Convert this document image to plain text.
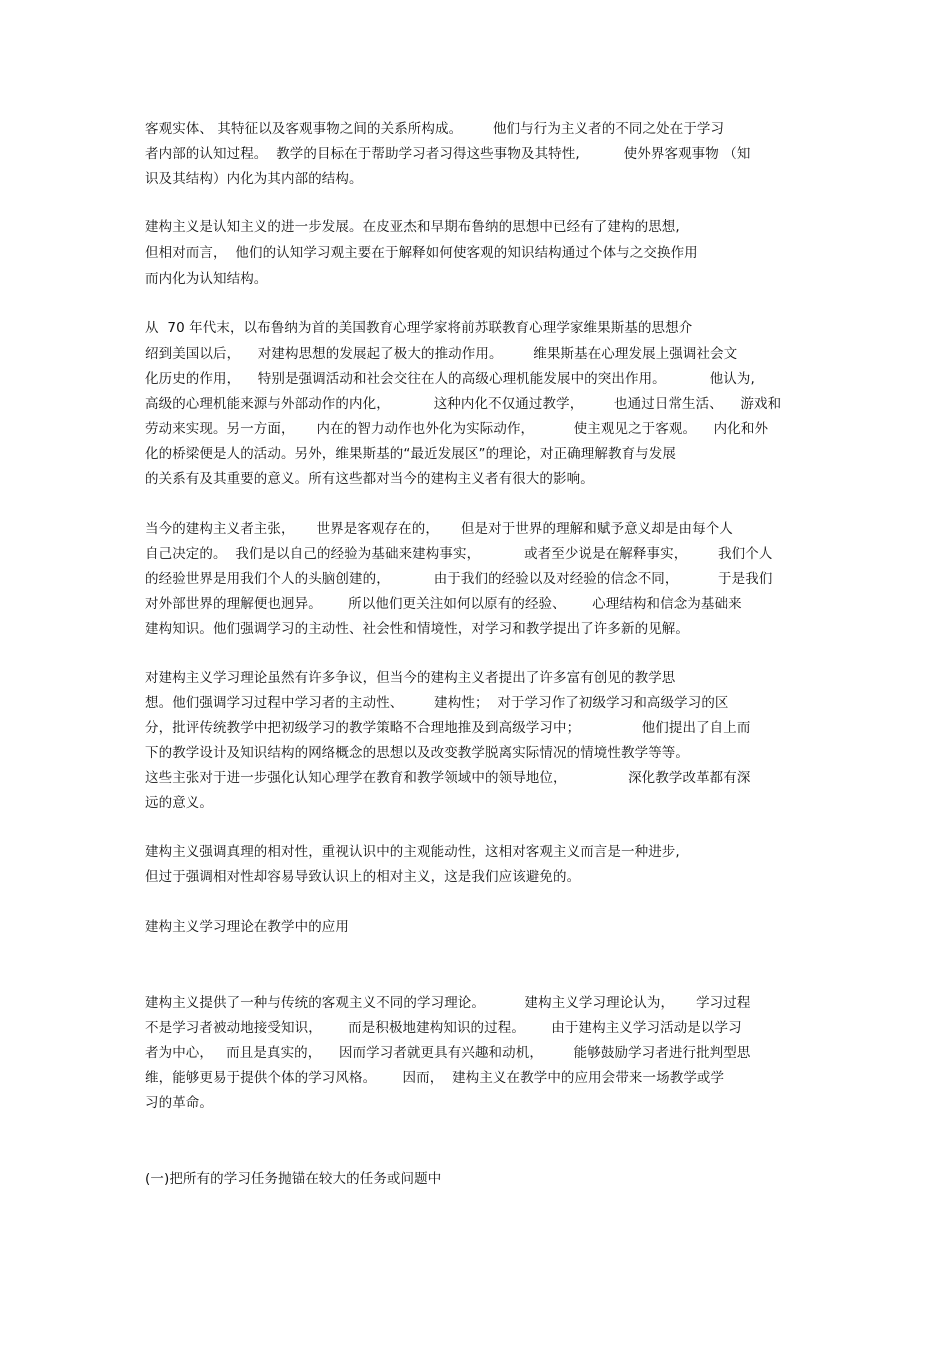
客观实体、 其特征以及客观事物之间的关系所构成。       他们与行为主义者的不同之处在于学习
者内部的认知过程。  教学的目标在于帮助学习者习得这些事物及其特性,          使外界客观事物 （知
识及其结构）内化为其内部的结构。
建构主义是认知主义的进一步发展。在皮亚杰和早期布鲁纳的思想中已经有了建构的思想,
但相对而言，  他们的认知学习观主要在于解释如何使客观的知识结构通过个体与之交换作用
而内化为认知结构。
从  70 年代末，以布鲁纳为首的美国教育心理学家将前苏联教育心理学家维果斯基的思想介
绍到美国以后，    对建构思想的发展起了极大的推动作用。       维果斯基在心理发展上强调社会文
化历史的作用，    特别是强调活动和社会交往在人的高级心理机能发展中的突出作用。          他认为,
高级的心理机能来源与外部动作的内化，          这种内化不仅通过教学，       也通过日常生活、    游戏和
劳动来实现。另一方面，     内在的智力动作也外化为实际动作，         使主观见之于客观。    内化和外
化的桥梁便是人的活动。另外，维果斯基的“最近发展区”的理论，对正确理解教育与发展
的关系有及其重要的意义。所有这些都对当今的建构主义者有很大的影响。
当今的建构主义者主张，     世界是客观存在的，     但是对于世界的理解和赋予意义却是由每个人
自己决定的。  我们是以自己的经验为基础来建构事实，          或者至少说是在解释事实，       我们个人
的经验世界是用我们个人的头脑创建的，          由于我们的经验以及对经验的信念不同，         于是我们
对外部世界的理解便也迥异。      所以他们更关注如何以原有的经验、      心理结构和信念为基础来
建构知识。他们强调学习的主动性、社会性和情境性，对学习和教学提出了许多新的见解。
对建构主义学习理论虽然有许多争议，但当今的建构主义者提出了许多富有创见的教学思
想。他们强调学习过程中学习者的主动性、       建构性；  对于学习作了初级学习和高级学习的区
分，批评传统教学中把初级学习的教学策略不合理地推及到高级学习中；              他们提出了自上而
下的教学设计及知识结构的网络概念的思想以及改变教学脱离实际情况的情境性教学等等。
这些主张对于进一步强化认知心理学在教育和教学领域中的领导地位，              深化教学改革都有深
远的意义。
建构主义强调真理的相对性，重视认识中的主观能动性，这相对客观主义而言是一种进步,
但过于强调相对性却容易导致认识上的相对主义，这是我们应该避免的。
建构主义学习理论在教学中的应用
建构主义提供了一种与传统的客观主义不同的学习理论。         建构主义学习理论认为，     学习过程
不是学习者被动地接受知识，      而是积极地建构知识的过程。      由于建构主义学习活动是以学习
者为中心，   而且是真实的，    因而学习者就更具有兴趣和动机，       能够鼓励学习者进行批判型思
维，能够更易于提供个体的学习风格。      因而，  建构主义在教学中的应用会带来一场教学或学
习的革命。
(一)把所有的学习任务抛锚在较大的任务或问题中
